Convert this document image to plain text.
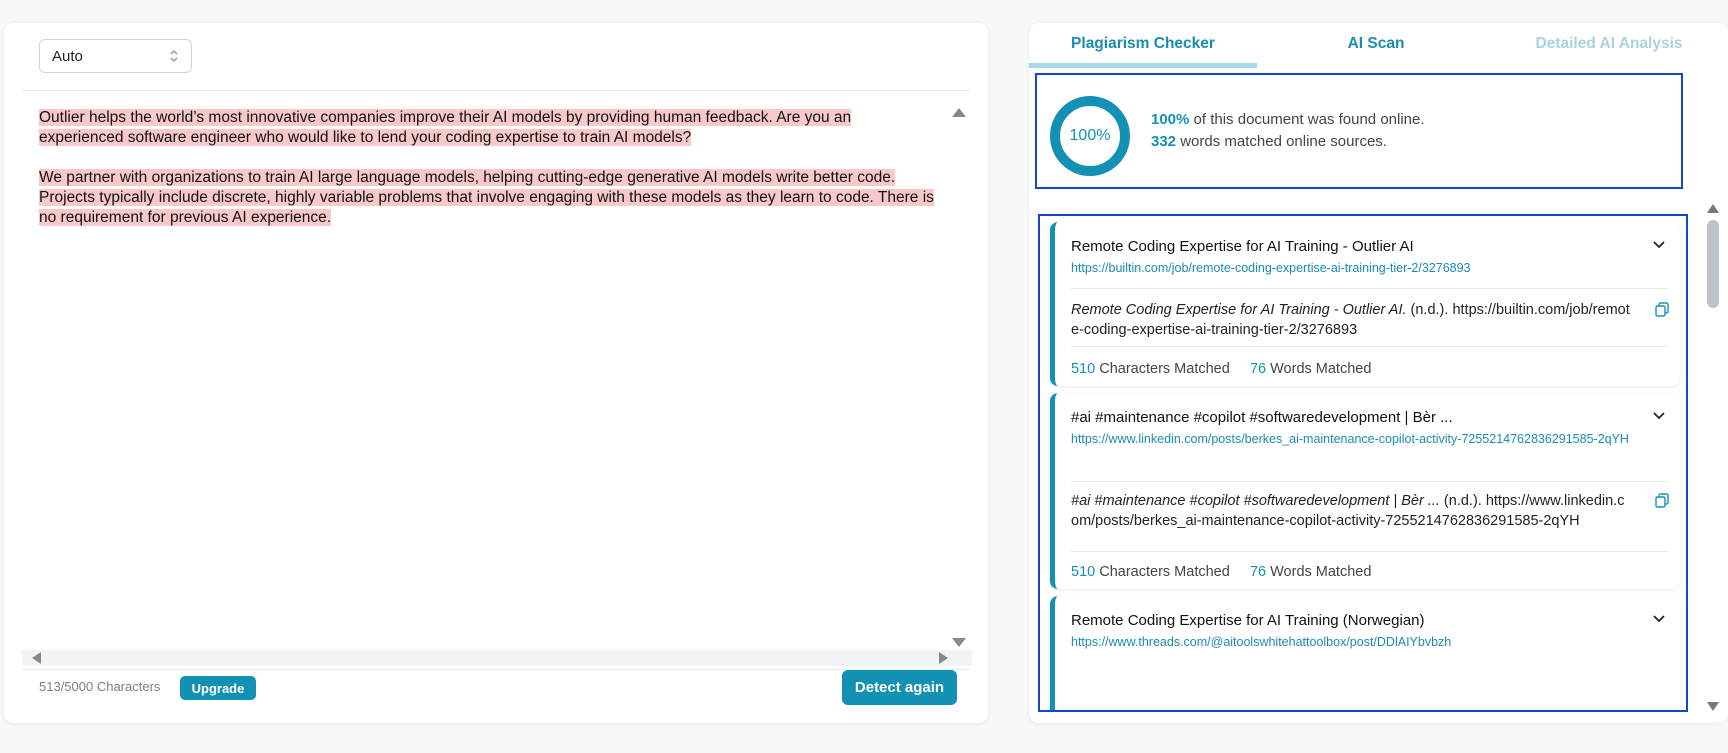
Auto

Outlier helps the world’s most innovative companies improve their AI models by providing human feedback. Are you an experienced software engineer who would like to lend your coding expertise to train AI models?

We partner with organizations to train AI large language models, helping cutting-edge generative AI models write better code. Projects typically include discrete, highly variable problems that involve engaging with these models as they learn to code. There is no requirement for previous AI experience.

513/5000 Characters	Upgrade	Detect again
Plagiarism Checker	AI Scan	Detailed AI Analysis
100%
100% of this document was found online.
332 words matched online sources.
Remote Coding Expertise for AI Training - Outlier AI
https://builtin.com/job/remote-coding-expertise-ai-training-tier-2/3276893
Remote Coding Expertise for AI Training - Outlier AI. (n.d.). https://builtin.com/job/remote-coding-expertise-ai-training-tier-2/3276893
510 Characters Matched 76 Words Matched
#ai #maintenance #copilot #softwaredevelopment | Bèr ...
https://www.linkedin.com/posts/berkes_ai-maintenance-copilot-activity-7255214762836291585-2qYH
#ai #maintenance #copilot #softwaredevelopment | Bèr ... (n.d.). https://www.linkedin.com/posts/berkes_ai-maintenance-copilot-activity-7255214762836291585-2qYH
510 Characters Matched 76 Words Matched
Remote Coding Expertise for AI Training (Norwegian)
https://www.threads.com/@aitoolswhitehattoolbox/post/DDlAIYbvbzh
